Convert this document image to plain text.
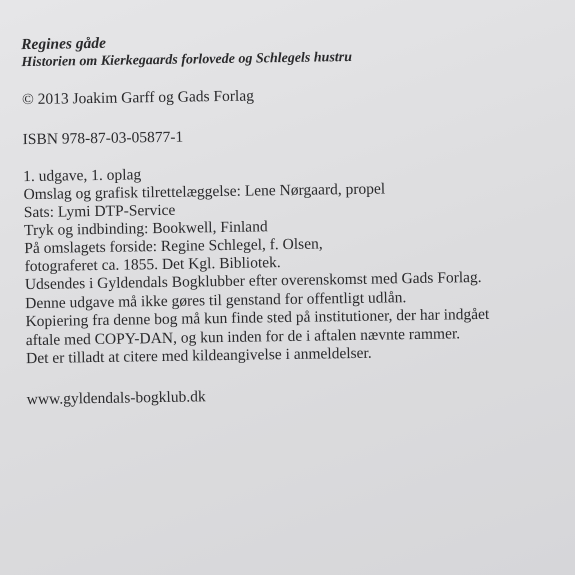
Regines gåde

Historien om Kierkegaards forlovede og Schlegels hustru

© 2013 Joakim Garff og Gads Forlag

ISBN 978-87-03-05877-1

1. udgave, 1. oplag

Omslag og grafisk tilrettelæggelse: Lene Nørgaard, propel

Sats: Lymi DTP-Service

Tryk og indbinding: Bookwell, Finland

På omslagets forside: Regine Schlegel, f. Olsen,

fotograferet ca. 1855. Det Kgl. Bibliotek.

Udsendes i Gyldendals Bogklubber efter overenskomst med Gads Forlag.

Denne udgave må ikke gøres til genstand for offentligt udlån.

Kopiering fra denne bog må kun finde sted på institutioner, der har indgået

aftale med COPY-DAN, og kun inden for de i aftalen nævnte rammer.

Det er tilladt at citere med kildeangivelse i anmeldelser.

www.gyldendals-bogklub.dk
